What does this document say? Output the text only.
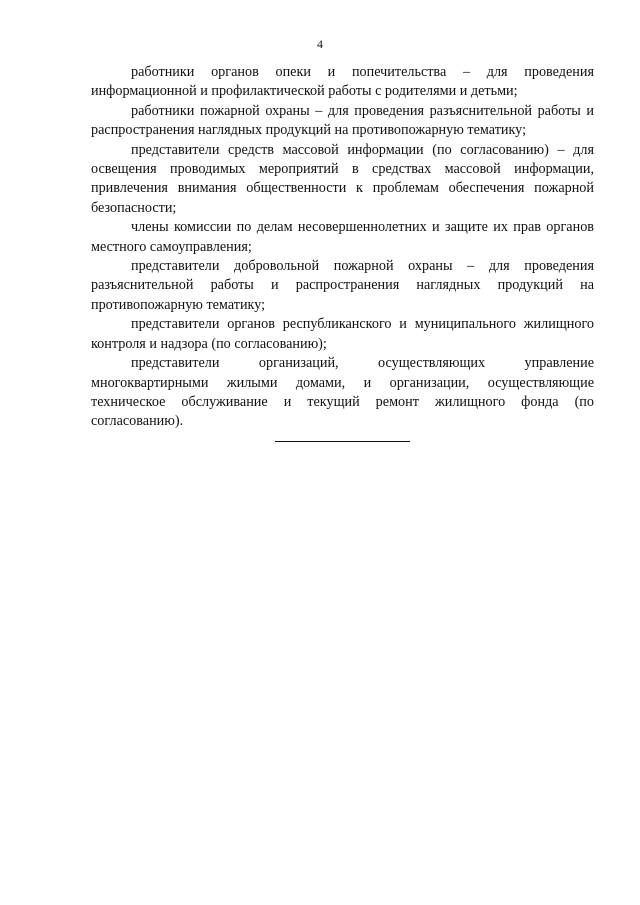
4

работники органов опеки и попечительства – для проведения информационной и профилактической работы с родителями и детьми;

работники пожарной охраны – для проведения разъяснительной работы и распространения наглядных продукций на противопожарную тематику;

представители средств массовой информации (по согласованию) – для освещения проводимых мероприятий в средствах массовой информации, привлечения внимания общественности к проблемам обеспечения пожарной безопасности;

члены комиссии по делам несовершеннолетних и защите их прав органов местного самоуправления;

представители добровольной пожарной охраны – для проведения разъяснительной работы и распространения наглядных продукций на противопожарную тематику;

представители органов республиканского и муниципального жилищного контроля и надзора (по согласованию);

представители организаций, осуществляющих управление многоквартирными жилыми домами, и организации, осуществляющие техническое обслуживание и текущий ремонт жилищного фонда (по согласованию).
